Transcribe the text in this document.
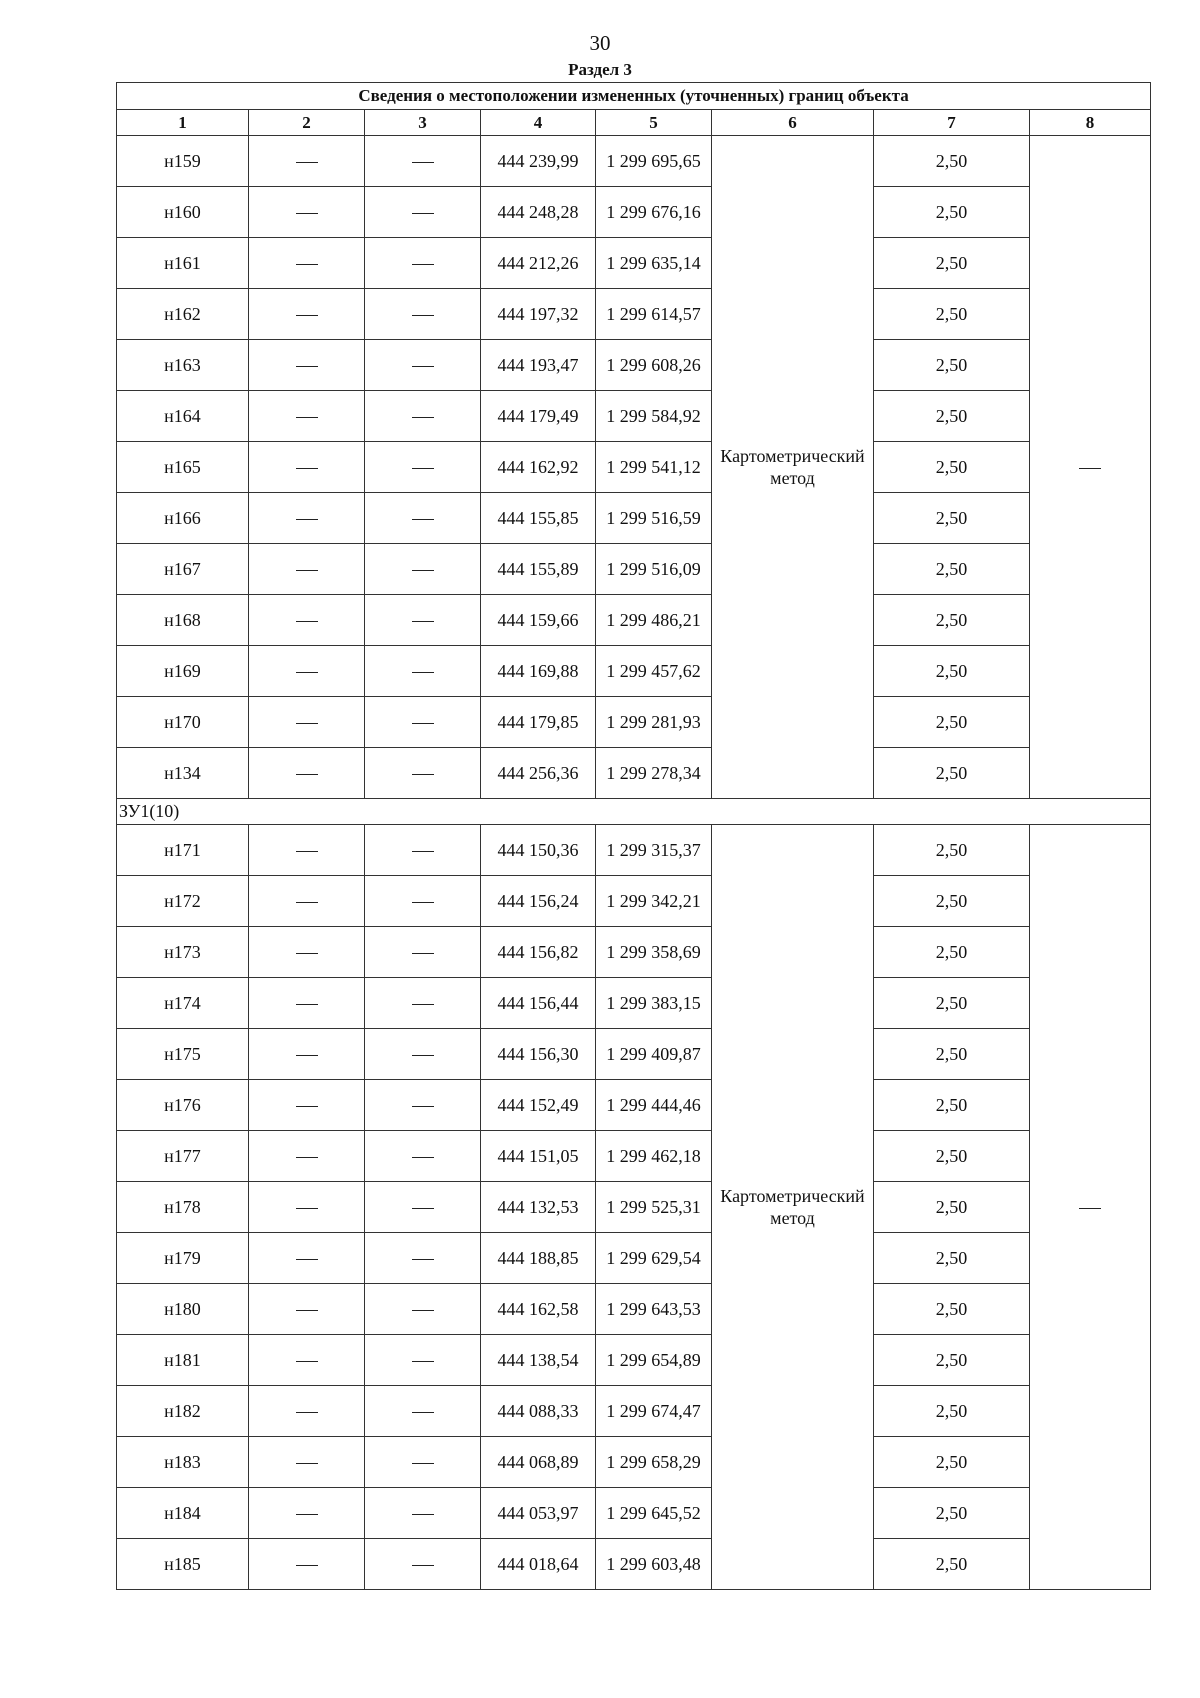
30
Раздел 3
Сведения о местоположении измененных (уточненных) границ объекта							
1	2	3	4	5	6	7	8
н159			444 239,99	1 299 695,65	Картометрический метод	2,50	
н160			444 248,28	1 299 676,16		2,50	
н161			444 212,26	1 299 635,14		2,50	
н162			444 197,32	1 299 614,57		2,50	
н163			444 193,47	1 299 608,26		2,50	
н164			444 179,49	1 299 584,92		2,50	
н165			444 162,92	1 299 541,12		2,50	
н166			444 155,85	1 299 516,59		2,50	
н167			444 155,89	1 299 516,09		2,50	
н168			444 159,66	1 299 486,21		2,50	
н169			444 169,88	1 299 457,62		2,50	
н170			444 179,85	1 299 281,93		2,50	
н134			444 256,36	1 299 278,34		2,50	
ЗУ1(10)							
н171			444 150,36	1 299 315,37	Картометрический метод	2,50	
н172			444 156,24	1 299 342,21		2,50	
н173			444 156,82	1 299 358,69		2,50	
н174			444 156,44	1 299 383,15		2,50	
н175			444 156,30	1 299 409,87		2,50	
н176			444 152,49	1 299 444,46		2,50	
н177			444 151,05	1 299 462,18		2,50	
н178			444 132,53	1 299 525,31		2,50	
н179			444 188,85	1 299 629,54		2,50	
н180			444 162,58	1 299 643,53		2,50	
н181			444 138,54	1 299 654,89		2,50	
н182			444 088,33	1 299 674,47		2,50	
н183			444 068,89	1 299 658,29		2,50	
н184			444 053,97	1 299 645,52		2,50	
н185			444 018,64	1 299 603,48		2,50	
